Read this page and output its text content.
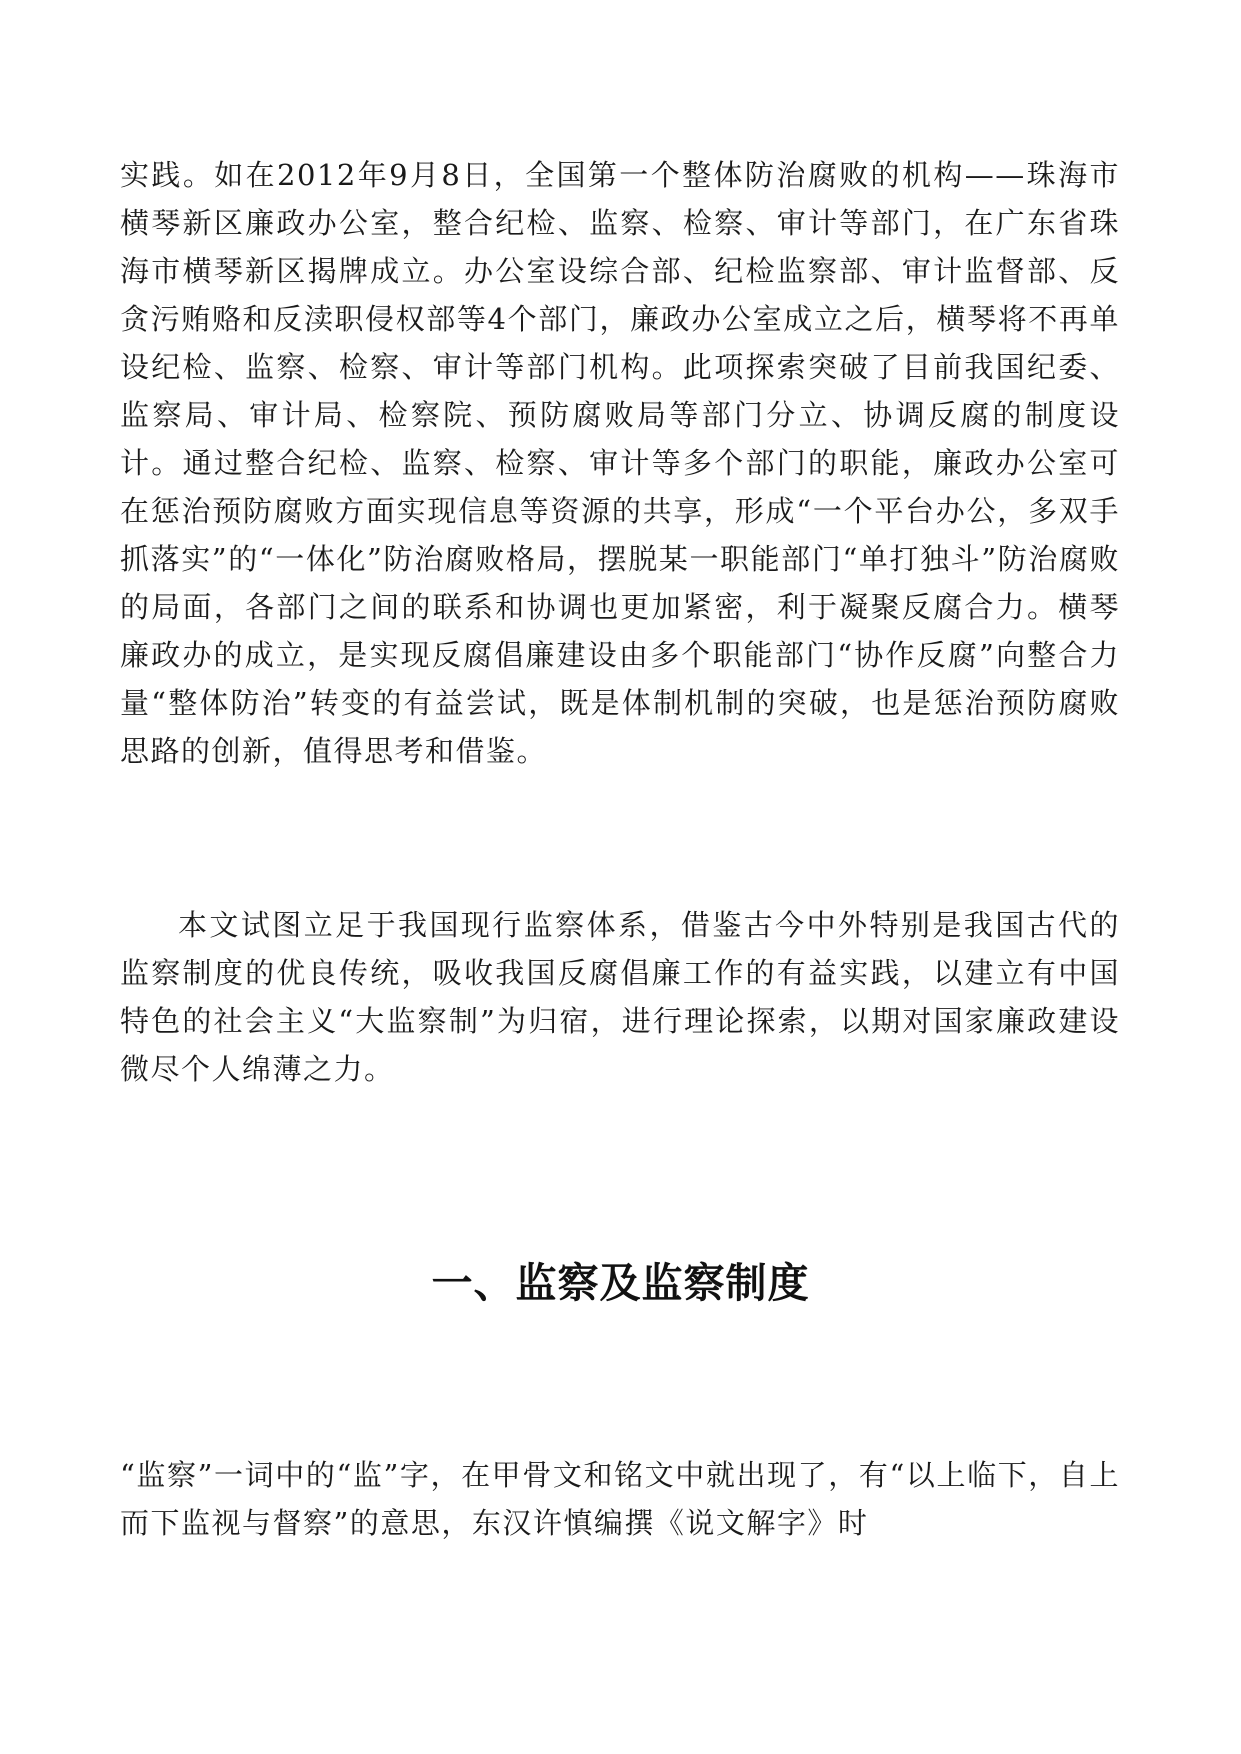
实践。如在2012年9月8日，全国第一个整体防治腐败的机构——珠海市横琴新区廉政办公室，整合纪检、监察、检察、审计等部门，在广东省珠海市横琴新区揭牌成立。办公室设综合部、纪检监察部、审计监督部、反贪污贿赂和反渎职侵权部等4个部门，廉政办公室成立之后，横琴将不再单设纪检、监察、检察、审计等部门机构。此项探索突破了目前我国纪委、监察局、审计局、检察院、预防腐败局等部门分立、协调反腐的制度设计。通过整合纪检、监察、检察、审计等多个部门的职能，廉政办公室可在惩治预防腐败方面实现信息等资源的共享，形成“一个平台办公，多双手抓落实”的“一体化”防治腐败格局，摆脱某一职能部门“单打独斗”防治腐败的局面，各部门之间的联系和协调也更加紧密，利于凝聚反腐合力。横琴廉政办的成立，是实现反腐倡廉建设由多个职能部门“协作反腐”向整合力量“整体防治”转变的有益尝试，既是体制机制的突破，也是惩治预防腐败思路的创新，值得思考和借鉴。

本文试图立足于我国现行监察体系，借鉴古今中外特别是我国古代的监察制度的优良传统，吸收我国反腐倡廉工作的有益实践，以建立有中国特色的社会主义“大监察制”为归宿，进行理论探索，以期对国家廉政建设微尽个人绵薄之力。

一、监察及监察制度

“监察”一词中的“监”字，在甲骨文和铭文中就出现了，有“以上临下，自上而下监视与督察”的意思，东汉许慎编撰《说文解字》时
